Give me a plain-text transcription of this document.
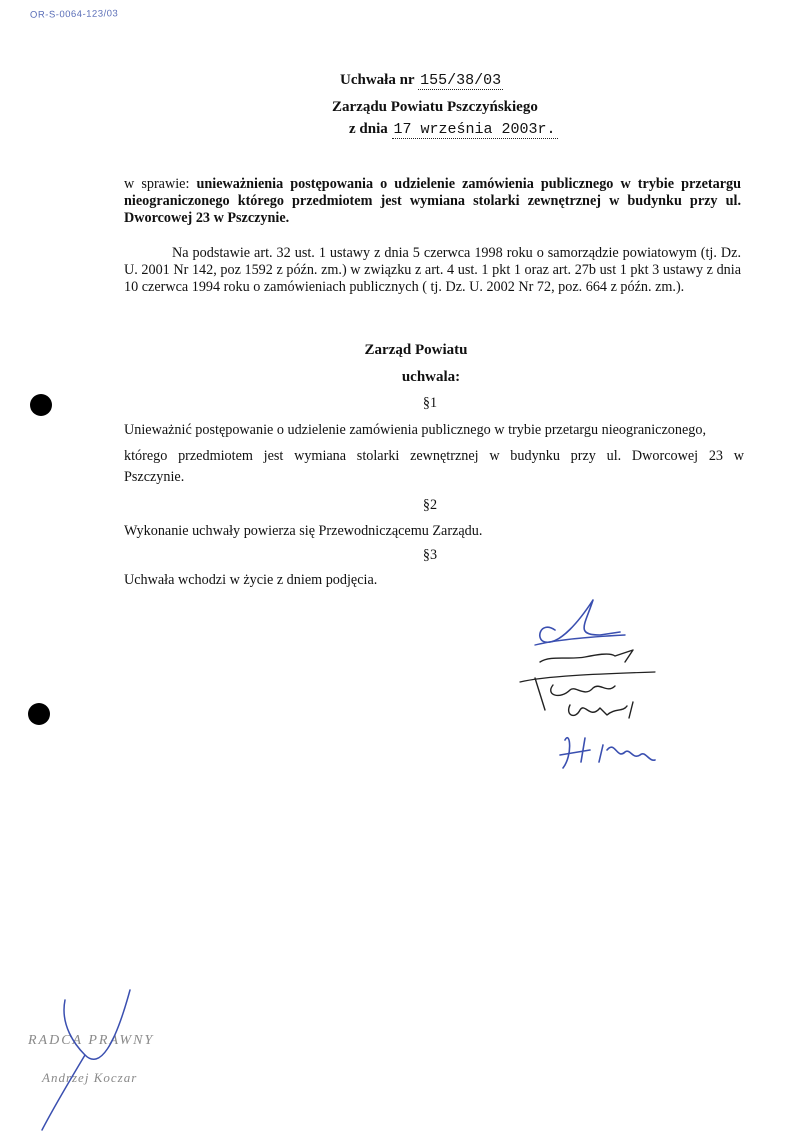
OR-S-0064-123/03
Uchwała nr 155/38/03
Zarządu Powiatu Pszczyńskiego
z dnia 17 września 2003r.
w sprawie: unieważnienia postępowania o udzielenie zamówienia publicznego w trybie przetargu nieograniczonego którego przedmiotem jest wymiana stolarki zewnętrznej w budynku przy ul. Dworcowej 23 w Pszczynie.
Na podstawie art. 32 ust. 1 ustawy z dnia 5 czerwca 1998 roku o samorządzie powiatowym (tj. Dz. U. 2001 Nr 142, poz 1592 z późn. zm.) w związku z art. 4 ust. 1 pkt 1 oraz art. 27b ust 1 pkt 3 ustawy z dnia 10 czerwca 1994 roku o zamówieniach publicznych ( tj. Dz. U. 2002 Nr 72, poz. 664 z późn. zm.).
Zarząd Powiatu
uchwala:
§1
Unieważnić postępowanie o udzielenie zamówienia publicznego w trybie przetargu nieograniczonego,
którego przedmiotem jest wymiana stolarki zewnętrznej w budynku przy ul. Dworcowej 23 w
Pszczynie.
§2
Wykonanie uchwały powierza się Przewodniczącemu Zarządu.
§3
Uchwała wchodzi w życie z dniem podjęcia.
RADCA PRAWNY
Andrzej Koczar
